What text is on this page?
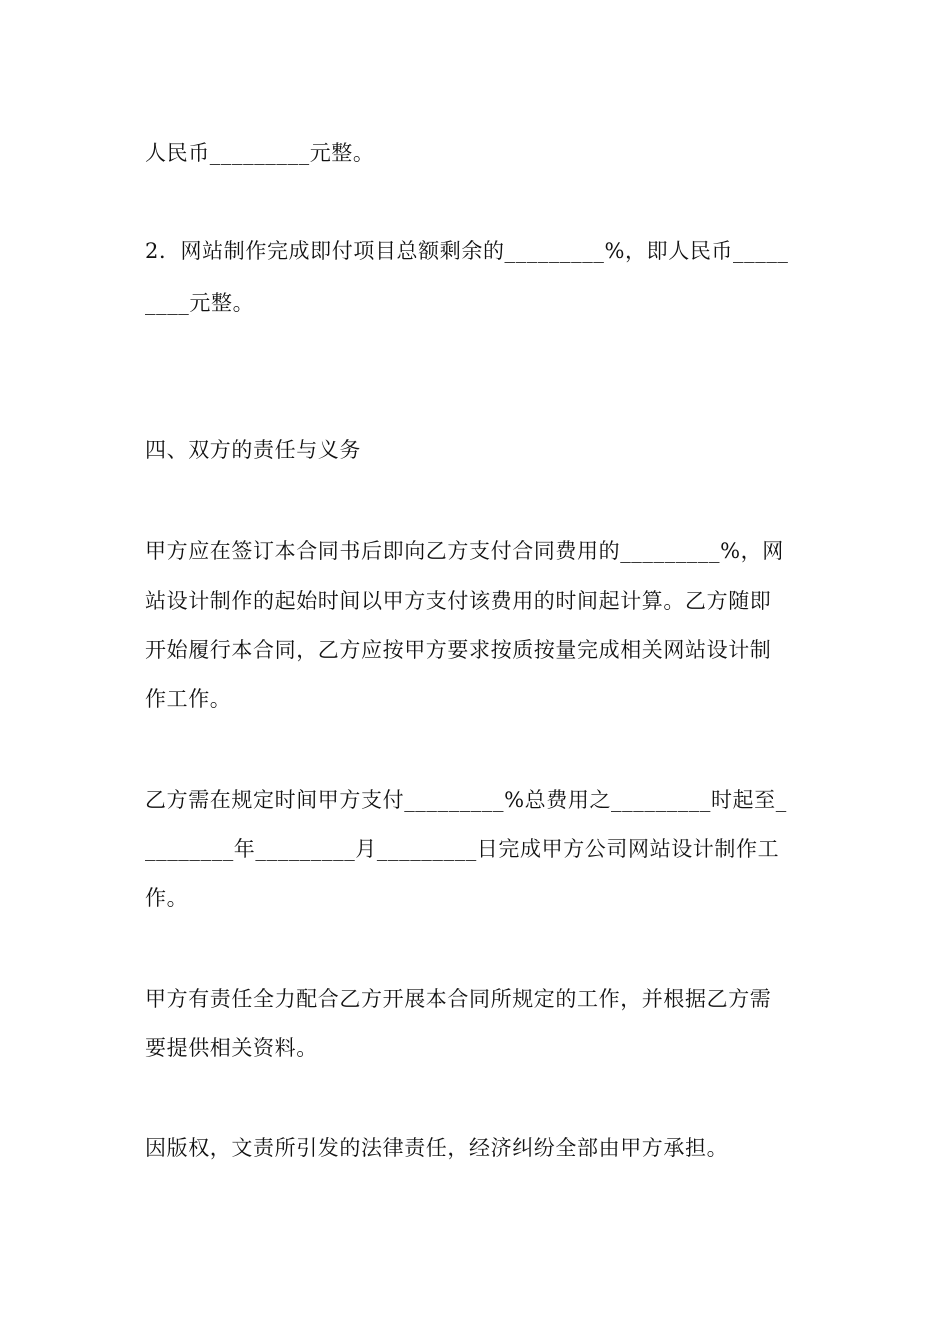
人民币_________元整。
2．网站制作完成即付项目总额剩余的_________%，即人民币_____
____元整。
四、双方的责任与义务
甲方应在签订本合同书后即向乙方支付合同费用的_________%，网
站设计制作的起始时间以甲方支付该费用的时间起计算。乙方随即
开始履行本合同，乙方应按甲方要求按质按量完成相关网站设计制
作工作。
乙方需在规定时间甲方支付_________%总费用之_________时起至_
________年_________月_________日完成甲方公司网站设计制作工
作。
甲方有责任全力配合乙方开展本合同所规定的工作，并根据乙方需
要提供相关资料。
因版权，文责所引发的法律责任，经济纠纷全部由甲方承担。
